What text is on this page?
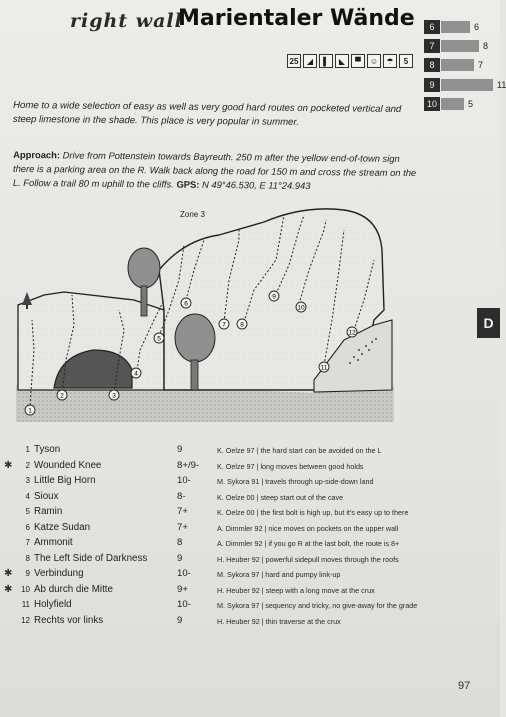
right wall
Marientaler Wände	6	6
7	8
8	7
9	11
10	5
25	◢	▌	◣	▀	☺	☂	5
Home to a wide selection of easy as well as very good hard routes on pocketed vertical and steep limestone in the shade. This place is very popular in summer.
Approach: Drive from Pottenstein towards Bayreuth. 250 m after the yellow end-of-town sign there is a parking area on the R. Walk back along the road for 150 m and cross the stream on the L. Follow a trail 80 m uphill to the cliffs. GPS: N 49°46.530, E 11°24.943
Zone 3
1
2	3
4
5
6
7 8
9
10
11
12
D
1 Tyson	9	K. Oelze 97 | the hard start can be avoided on the L
✱	2 Wounded Knee	8+/9-	K. Oelze 97 | long moves between good holds
3 Little Big Horn	10-	M. Sykora 91 | travels through up-side-down land
4 Sioux	8-	K. Oelze 00 | steep start out of the cave
5 Ramin	7+	K. Oelze 00 | the first bolt is high up, but it's easy up to there
6 Katze Sudan	7+	A. Dimmler 92 | nice moves on pockets on the upper wall
7 Ammonit	8	A. Dimmler 92 | if you go R at the last bolt, the route is 8+
8 The Left Side of Darkness	9	H. Heuber 92 | powerful sidepull moves through the roofs
✱	9 Verbindung	10-	M. Sykora 97 | hard and pumpy link-up
✱	10 Ab durch die Mitte	9+	H. Heuber 92 | steep with a long move at the crux
11 Holyfield	10-	M. Sykora 97 | sequency and tricky, no give-away for the grade
12 Rechts vor links	9	H. Heuber 92 | thin traverse at the crux
97
